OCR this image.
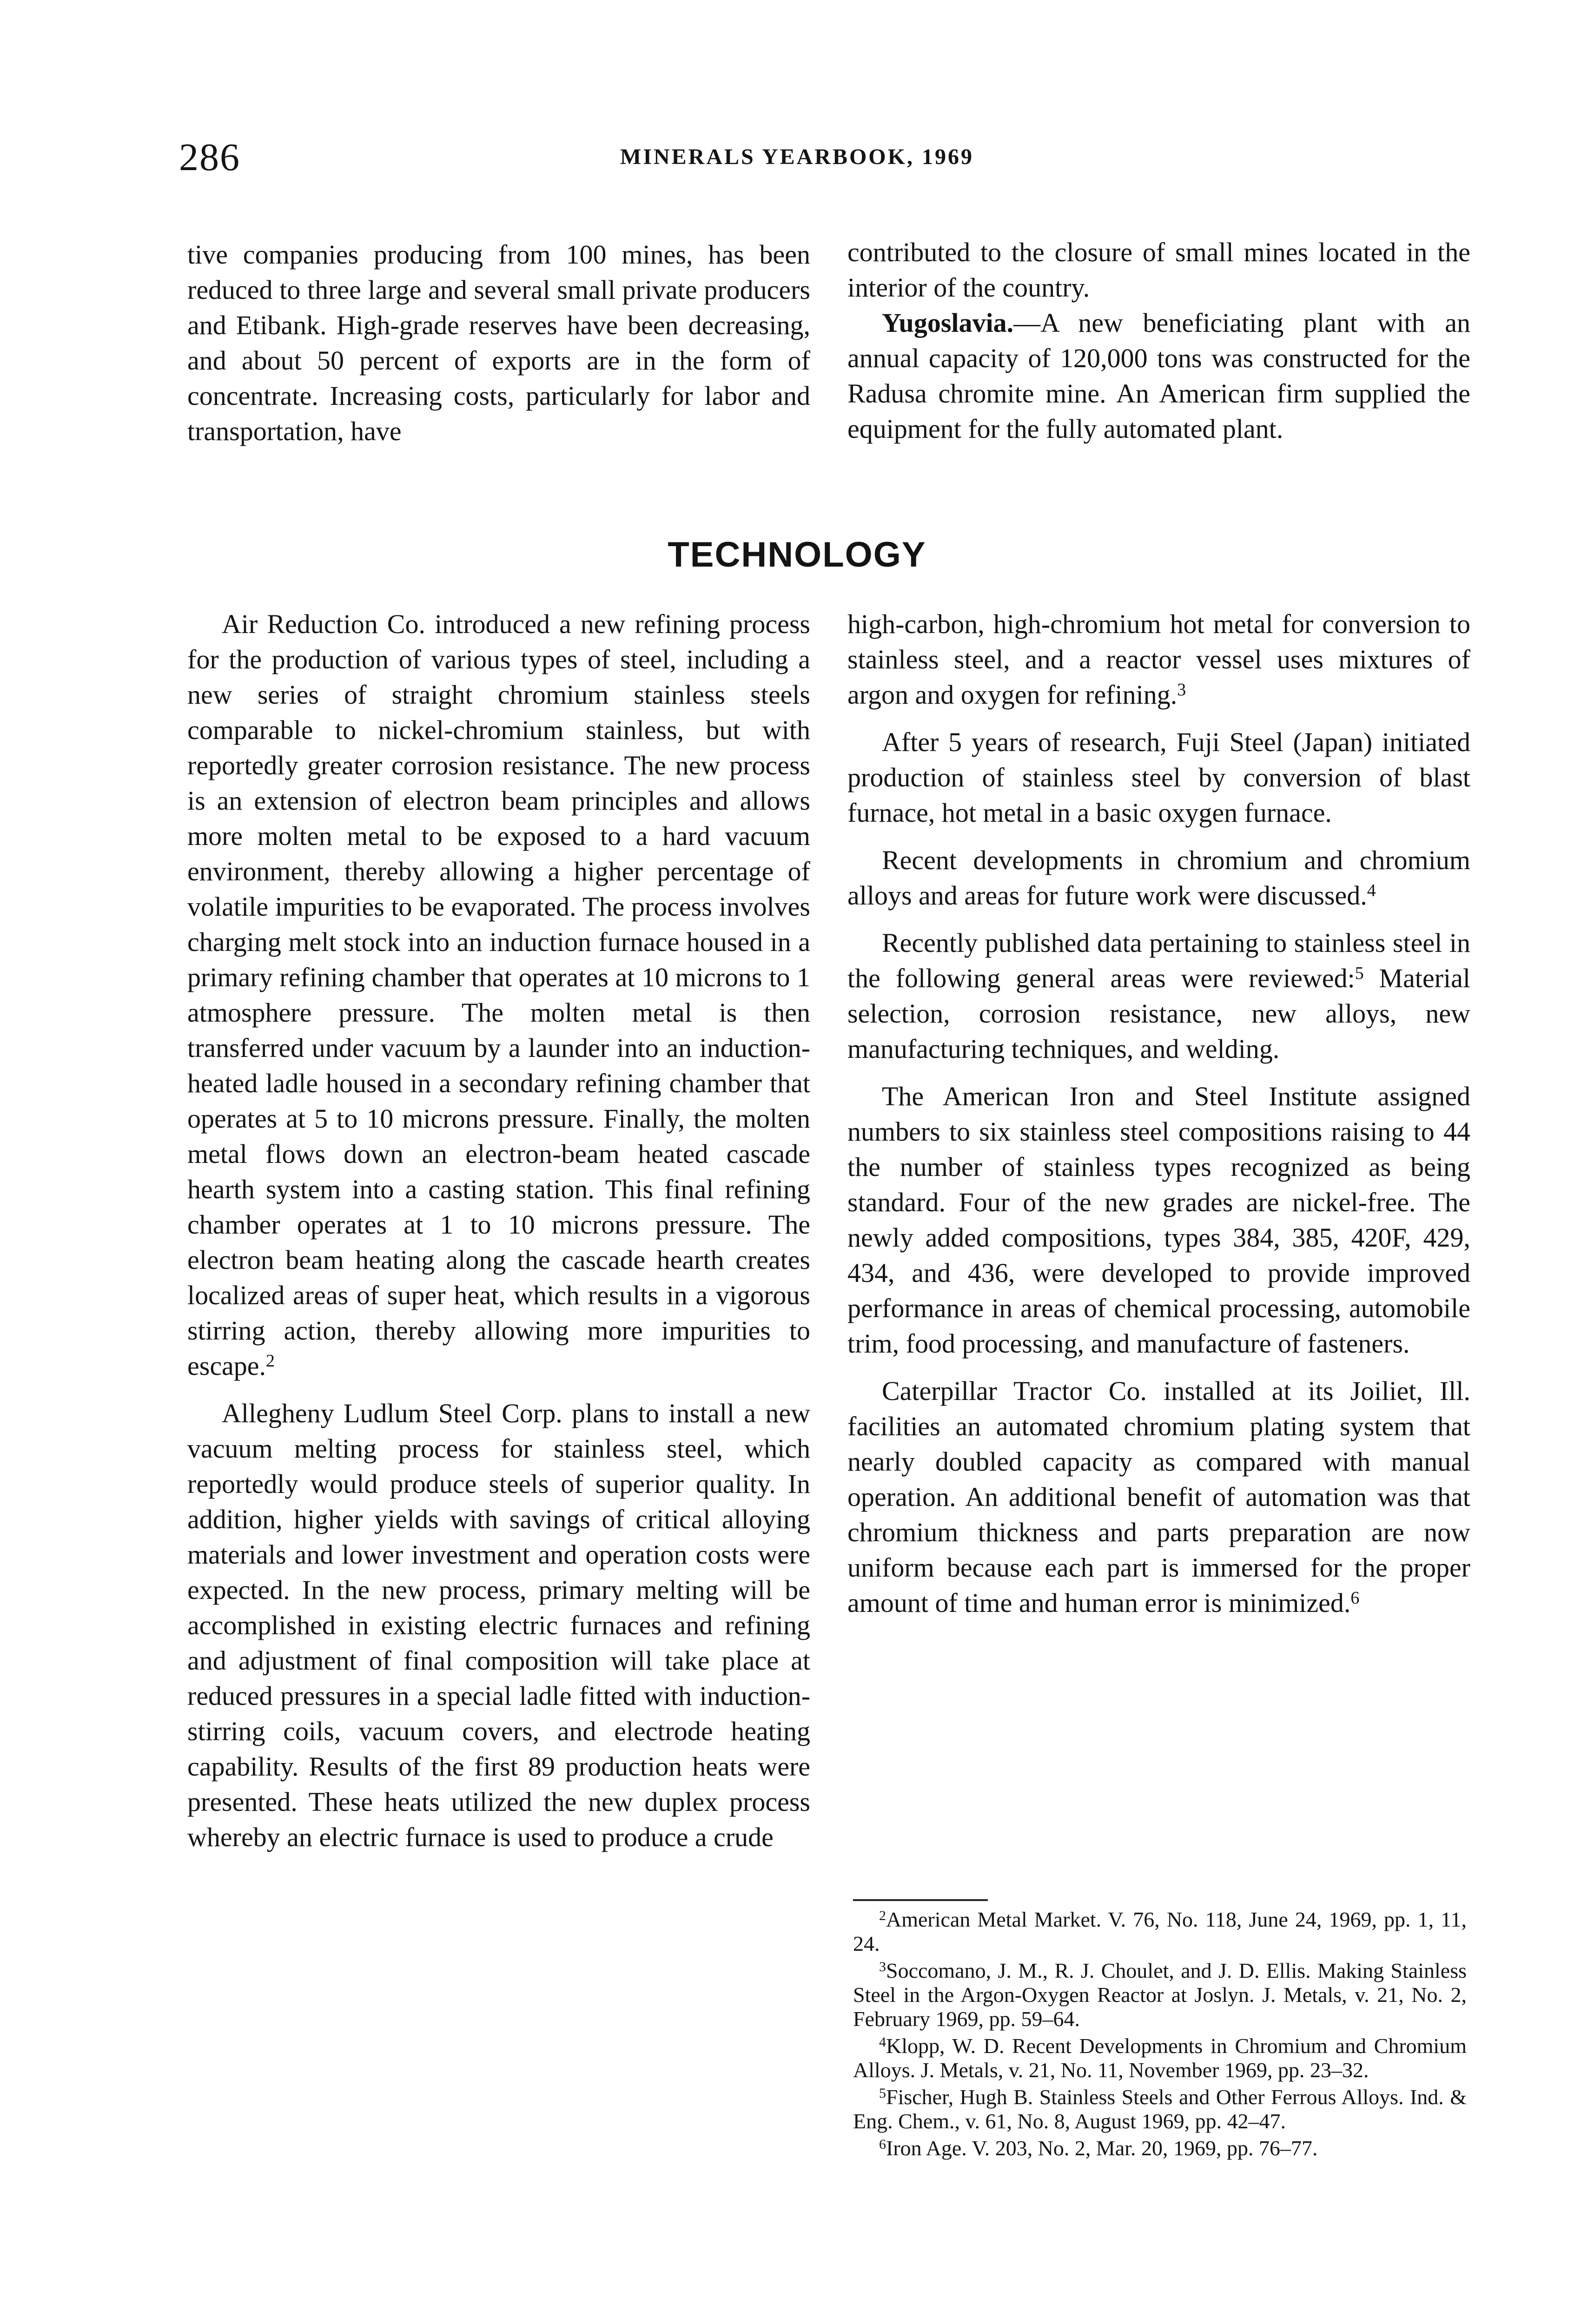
286	MINERALS YEARBOOK, 1969

tive companies producing from 100 mines, has been reduced to three large and several small private producers and Etibank. High-grade reserves have been decreasing, and about 50 percent of exports are in the form of concentrate. Increasing costs, particularly for labor and transportation, have

contributed to the closure of small mines located in the interior of the country.

Yugoslavia.—A new beneficiating plant with an annual capacity of 120,000 tons was constructed for the Radusa chromite mine. An American firm supplied the equipment for the fully automated plant.

TECHNOLOGY

Air Reduction Co. introduced a new refining process for the production of various types of steel, including a new series of straight chromium stainless steels comparable to nickel-chromium stainless, but with reportedly greater corrosion resistance. The new process is an extension of electron beam principles and allows more molten metal to be exposed to a hard vacuum environment, thereby allowing a higher percentage of volatile impurities to be evaporated. The process involves charging melt stock into an induction furnace housed in a primary refining chamber that operates at 10 microns to 1 atmosphere pressure. The molten metal is then transferred under vacuum by a launder into an induction-heated ladle housed in a secondary refining chamber that operates at 5 to 10 microns pressure. Finally, the molten metal flows down an electron-beam heated cascade hearth system into a casting station. This final refining chamber operates at 1 to 10 microns pressure. The electron beam heating along the cascade hearth creates localized areas of super heat, which results in a vigorous stirring action, thereby allowing more impurities to escape.$^2$

Allegheny Ludlum Steel Corp. plans to install a new vacuum melting process for stainless steel, which reportedly would produce steels of superior quality. In addition, higher yields with savings of critical alloying materials and lower investment and operation costs were expected. In the new process, primary melting will be accomplished in existing electric furnaces and refining and adjustment of final composition will take place at reduced pressures in a special ladle fitted with induction-stirring coils, vacuum covers, and electrode heating capability. Results of the first 89 production heats were presented. These heats utilized the new duplex process whereby an electric furnace is used to produce a crude

high-carbon, high-chromium hot metal for conversion to stainless steel, and a reactor vessel uses mixtures of argon and oxygen for refining.$^3$

After 5 years of research, Fuji Steel (Japan) initiated production of stainless steel by conversion of blast furnace, hot metal in a basic oxygen furnace.

Recent developments in chromium and chromium alloys and areas for future work were discussed.$^4$

Recently published data pertaining to stainless steel in the following general areas were reviewed:$^5$ Material selection, corrosion resistance, new alloys, new manufacturing techniques, and welding.

The American Iron and Steel Institute assigned numbers to six stainless steel compositions raising to 44 the number of stainless types recognized as being standard. Four of the new grades are nickel-free. The newly added compositions, types 384, 385, 420F, 429, 434, and 436, were developed to provide improved performance in areas of chemical processing, automobile trim, food processing, and manufacture of fasteners.

Caterpillar Tractor Co. installed at its Joiliet, Ill. facilities an automated chromium plating system that nearly doubled capacity as compared with manual operation. An additional benefit of automation was that chromium thickness and parts preparation are now uniform because each part is immersed for the proper amount of time and human error is minimized.$^6$

$^2$American Metal Market. V. 76, No. 118, June 24, 1969, pp. 1, 11, 24.

$^3$Soccomano, J. M., R. J. Choulet, and J. D. Ellis. Making Stainless Steel in the Argon-Oxygen Reactor at Joslyn. J. Metals, v. 21, No. 2, February 1969, pp. 59–64.

$^4$Klopp, W. D. Recent Developments in Chromium and Chromium Alloys. J. Metals, v. 21, No. 11, November 1969, pp. 23–32.

$^5$Fischer, Hugh B. Stainless Steels and Other Ferrous Alloys. Ind. & Eng. Chem., v. 61, No. 8, August 1969, pp. 42–47.

$^6$Iron Age. V. 203, No. 2, Mar. 20, 1969, pp. 76–77.
